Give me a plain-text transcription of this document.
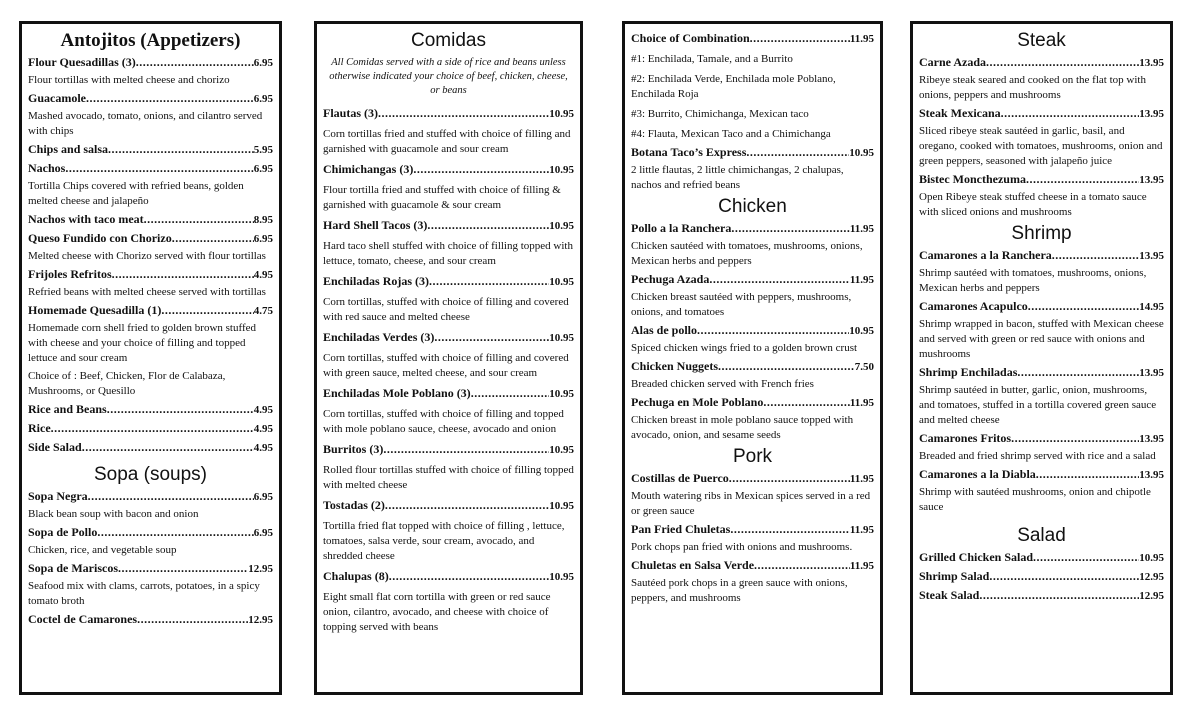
Antojitos (Appetizers)
Flour Quesadillas (3) .....	6.95
Flour tortillas with melted cheese and chorizo
Guacamole .....	6.95
Mashed avocado, tomato, onions, and cilantro served with chips
Chips and salsa .....	5.95
Nachos .....	6.95
Tortilla Chips covered with refried beans, golden melted cheese and jalapeño
Nachos with taco meat .....	8.95
Queso Fundido con Chorizo .....	6.95
Melted cheese with Chorizo served with flour tortillas
Frijoles Refritos .....	4.95
Refried beans with melted cheese served with tortillas
Homemade Quesadilla (1) .....	4.75
Homemade corn shell fried to golden brown stuffed with cheese and your choice of filling and topped lettuce and sour cream
Choice of : Beef, Chicken, Flor de Calabaza, Mushrooms, or Quesillo
Rice and Beans .....	4.95
Rice .....	4.95
Side Salad .....	4.95
Sopa (soups)
Sopa Negra .....	6.95
Black bean soup with bacon and onion
Sopa de Pollo .....	6.95
Chicken, rice, and vegetable soup
Sopa de Mariscos .....	12.95
Seafood mix with clams, carrots, potatoes, in a spicy tomato broth
Coctel de Camarones .....	12.95
Comidas
All Comidas served with a side of rice and beans unless otherwise indicated your choice of beef, chicken, cheese, or beans
Flautas (3) .....	10.95
Corn tortillas fried and stuffed with choice of filling and garnished with guacamole and sour cream
Chimichangas (3) .....	10.95
Flour tortilla fried and stuffed with choice of filling & garnished with guacamole & sour cream
Hard Shell Tacos (3) .....	10.95
Hard taco shell stuffed with choice of filling topped with lettuce, tomato, cheese, and sour cream
Enchiladas Rojas (3) .....	10.95
Corn tortillas, stuffed with choice of filling and covered with red sauce and melted cheese
Enchiladas Verdes (3) .....	10.95
Corn tortillas, stuffed with choice of filling and covered with green sauce, melted cheese, and sour cream
Enchiladas Mole Poblano (3) .....	10.95
Corn tortillas, stuffed with choice of filling and topped with mole poblano sauce, cheese, avocado and onion
Burritos (3) .....	10.95
Rolled flour tortillas stuffed with choice of filling topped with melted cheese
Tostadas (2) .....	10.95
Tortilla fried flat topped with choice of filling , lettuce, tomatoes, salsa verde, sour cream, avocado, and shredded cheese
Chalupas (8) .....	10.95
Eight small flat corn tortilla with green or red sauce onion, cilantro, avocado, and cheese with choice of topping served with beans
Choice of Combination .....	11.95
#1: Enchilada, Tamale, and a Burrito
#2: Enchilada Verde, Enchilada mole Poblano, Enchilada Roja
#3: Burrito, Chimichanga, Mexican taco
#4: Flauta, Mexican Taco and a Chimichanga
Botana Taco’s Express .....	10.95
2 little flautas, 2 little chimichangas, 2 chalupas, nachos and refried beans
Chicken
Pollo a la Ranchera .....	11.95
Chicken sautéed with tomatoes, mushrooms, onions, Mexican herbs and peppers
Pechuga Azada .....	11.95
Chicken breast sautéed with peppers, mushrooms, onions, and tomatoes
Alas de pollo .....	10.95
Spiced chicken wings fried to a golden brown crust
Chicken Nuggets .....	7.50
Breaded chicken served with French fries
Pechuga en Mole Poblano .....	11.95
Chicken breast in mole poblano sauce topped with avocado, onion, and sesame seeds
Pork
Costillas de Puerco .....	11.95
Mouth watering ribs in Mexican spices served in a red or green sauce
Pan Fried Chuletas .....	11.95
Pork chops pan fried with onions and mushrooms.
Chuletas en Salsa Verde .....	11.95
Sautéed pork chops in a green sauce with onions, peppers, and mushrooms
Steak
Carne Azada .....	13.95
Ribeye steak seared and cooked on the flat top with onions, peppers and mushrooms
Steak Mexicana .....	13.95
Sliced ribeye steak sautéed in garlic, basil, and oregano, cooked with tomatoes, mushrooms, onion and green peppers, seasoned with jalapeño juice
Bistec Moncthezuma .....	13.95
Open Ribeye steak stuffed cheese in a tomato sauce with sliced onions and mushrooms
Shrimp
Camarones a la Ranchera .....	13.95
Shrimp sautéed with tomatoes, mushrooms, onions, Mexican herbs and peppers
Camarones Acapulco .....	14.95
Shrimp wrapped in bacon, stuffed with Mexican cheese and served with green or red sauce with onions and mushrooms
Shrimp Enchiladas .....	13.95
Shrimp sautéed in butter, garlic, onion, mushrooms, and tomatoes, stuffed in a tortilla covered green sauce and melted cheese
Camarones Fritos .....	13.95
Breaded and fried shrimp served with rice and a salad
Camarones a la Diabla .....	13.95
Shrimp with sautéed mushrooms, onion and chipotle sauce
Salad
Grilled Chicken Salad .....	10.95
Shrimp Salad .....	12.95
Steak Salad .....	12.95
